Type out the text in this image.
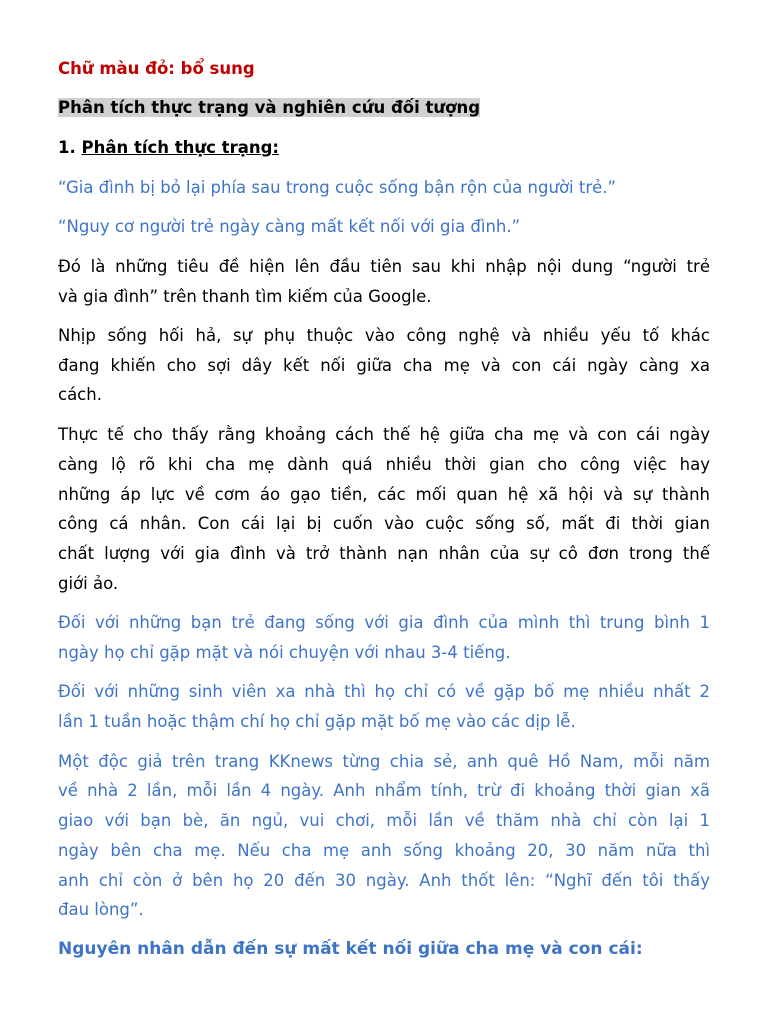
Chữ màu đỏ: bổ sung
Phân tích thực trạng và nghiên cứu đối tượng
1. Phân tích thực trạng:
“Gia đình bị bỏ lại phía sau trong cuộc sống bận rộn của người trẻ.”
“Nguy cơ người trẻ ngày càng mất kết nối với gia đình.”
Đó là những tiêu đề hiện lên đầu tiên sau khi nhập nội dung “người trẻ
và gia đình” trên thanh tìm kiếm của Google.
Nhịp sống hối hả, sự phụ thuộc vào công nghệ và nhiều yếu tố khác
đang khiến cho sợi dây kết nối giữa cha mẹ và con cái ngày càng xa
cách.
Thực tế cho thấy rằng khoảng cách thế hệ giữa cha mẹ và con cái ngày
càng lộ rõ khi cha mẹ dành quá nhiều thời gian cho công việc hay
những áp lực về cơm áo gạo tiền, các mối quan hệ xã hội và sự thành
công cá nhân. Con cái lại bị cuốn vào cuộc sống số, mất đi thời gian
chất lượng với gia đình và trở thành nạn nhân của sự cô đơn trong thế
giới ảo.
Đối với những bạn trẻ đang sống với gia đình của mình thì trung bình 1
ngày họ chỉ gặp mặt và nói chuyện với nhau 3-4 tiếng.
Đối với những sinh viên xa nhà thì họ chỉ có về gặp bố mẹ nhiều nhất 2
lần 1 tuần hoặc thậm chí họ chỉ gặp mặt bố mẹ vào các dịp lễ.
Một độc giả trên trang KKnews từng chia sẻ, anh quê Hồ Nam, mỗi năm
về nhà 2 lần, mỗi lần 4 ngày. Anh nhẩm tính, trừ đi khoảng thời gian xã
giao với bạn bè, ăn ngủ, vui chơi, mỗi lần về thăm nhà chỉ còn lại 1
ngày bên cha mẹ. Nếu cha mẹ anh sống khoảng 20, 30 năm nữa thì
anh chỉ còn ở bên họ 20 đến 30 ngày. Anh thốt lên: “Nghĩ đến tôi thấy
đau lòng”.
Nguyên nhân dẫn đến sự mất kết nối giữa cha mẹ và con cái:
